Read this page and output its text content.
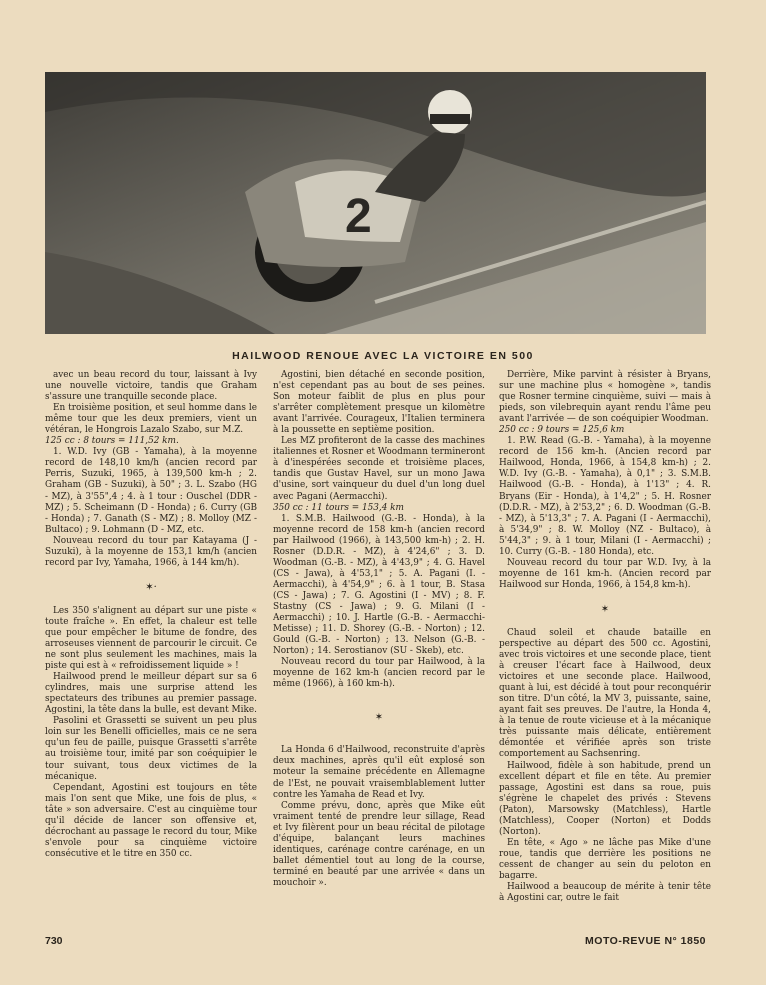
2
HAILWOOD RENOUE AVEC LA VICTOIRE EN 500

avec un beau record du tour, laissant à Ivy une nouvelle victoire, tandis que Graham s'assure une tranquille seconde place.

En troisième position, et seul homme dans le même tour que les deux premiers, vient un vétéran, le Hongrois Lazalo Szabo, sur M.Z.

125 cc : 8 tours = 111,52 km.

1. W.D. Ivy (GB - Yamaha), à la moyenne record de 148,10 km/h (ancien record par Perris, Suzuki, 1965, à 139,500 km-h ; 2. Graham (GB - Suzuki), à 50" ; 3. L. Szabo (HG - MZ), à 3'55",4 ; 4. à 1 tour : Ouschel (DDR - MZ) ; 5. Scheimann (D - Honda) ; 6. Curry (GB - Honda) ; 7. Ganath (S - MZ) ; 8. Molloy (MZ - Bultaco) ; 9. Lohmann (D - MZ, etc.

Nouveau record du tour par Katayama (J - Suzuki), à la moyenne de 153,1 km/h (ancien record par Ivy, Yamaha, 1966, à 144 km/h).

✶·

Les 350 s'alignent au départ sur une piste « toute fraîche ». En effet, la chaleur est telle que pour empêcher le bitume de fondre, des arroseuses viennent de parcourir le circuit. Ce ne sont plus seulement les machines, mais la piste qui est à « refroidissement liquide » !

Hailwood prend le meilleur départ sur sa 6 cylindres, mais une surprise attend les spectateurs des tribunes au premier passage. Agostini, la tête dans la bulle, est devant Mike.

Pasolini et Grassetti se suivent un peu plus loin sur les Benelli officielles, mais ce ne sera qu'un feu de paille, puisque Grassetti s'arrête au troisième tour, imité par son coéquipier le tour suivant, tous deux victimes de la mécanique.

Cependant, Agostini est toujours en tête mais l'on sent que Mike, une fois de plus, « tâte » son adversaire. C'est au cinquième tour qu'il décide de lancer son offensive et, décrochant au passage le record du tour, Mike s'envole pour sa cinquième victoire consécutive et le titre en 350 cc.

Agostini, bien détaché en seconde position, n'est cependant pas au bout de ses peines. Son moteur faiblit de plus en plus pour s'arrêter complètement presque un kilomètre avant l'arrivée. Courageux, l'Italien terminera à la poussette en septième position.

Les MZ profiteront de la casse des machines italiennes et Rosner et Woodmann termineront à d'inespérées seconde et troisième places, tandis que Gustav Havel, sur un mono Jawa d'usine, sort vainqueur du duel d'un long duel avec Pagani (Aermacchi).

350 cc : 11 tours = 153,4 km

1. S.M.B. Hailwood (G.-B. - Honda), à la moyenne record de 158 km-h (ancien record par Hailwood (1966), à 143,500 km-h) ; 2. H. Rosner (D.D.R. - MZ), à 4'24,6" ; 3. D. Woodman (G.-B. - MZ), à 4'43,9" ; 4. G. Havel (CS - Jawa), à 4'53,1" ; 5. A. Pagani (I. - Aermacchi), à 4'54,9" ; 6. à 1 tour, B. Stasa (CS - Jawa) ; 7. G. Agostini (I - MV) ; 8. F. Stastny (CS - Jawa) ; 9. G. Milani (I - Aermacchi) ; 10. J. Hartle (G.-B. - Aermacchi-Metisse) ; 11. D. Shorey (G.-B. - Norton) ; 12. Gould (G.-B. - Norton) ; 13. Nelson (G.-B. - Norton) ; 14. Serostianov (SU - Skeb), etc.

Nouveau record du tour par Hailwood, à la moyenne de 162 km-h (ancien record par le même (1966), à 160 km-h).

✶

La Honda 6 d'Hailwood, reconstruite d'après deux machines, après qu'il eût explosé son moteur la semaine précédente en Allemagne de l'Est, ne pouvait vraisemblablement lutter contre les Yamaha de Read et Ivy.

Comme prévu, donc, après que Mike eût vraiment tenté de prendre leur sillage, Read et Ivy filèrent pour un beau récital de pilotage d'équipe, balançant leurs machines identiques, carénage contre carénage, en un ballet démentiel tout au long de la course, terminé en beauté par une arrivée « dans un mouchoir ».

Derrière, Mike parvint à résister à Bryans, sur une machine plus « homogène », tandis que Rosner termine cinquième, suivi — mais à pieds, son vilebrequin ayant rendu l'âme peu avant l'arrivée — de son coéquipier Woodman.

250 cc : 9 tours = 125,6 km

1. P.W. Read (G.-B. - Yamaha), à la moyenne record de 156 km-h. (Ancien record par Hailwood, Honda, 1966, à 154,8 km-h) ; 2. W.D. Ivy (G.-B. - Yamaha), à 0,1" ; 3. S.M.B. Hailwood (G.-B. - Honda), à 1'13" ; 4. R. Bryans (Eir - Honda), à 1'4,2" ; 5. H. Rosner (D.D.R. - MZ), à 2'53,2" ; 6. D. Woodman (G.-B. - MZ), à 5'13,3" ; 7. A. Pagani (I - Aermacchi), à 5'34,9" ; 8. W. Molloy (NZ - Bultaco), à 5'44,3" ; 9. à 1 tour, Milani (I - Aermacchi) ; 10. Curry (G.-B. - 180 Honda), etc.

Nouveau record du tour par W.D. Ivy, à la moyenne de 161 km-h. (Ancien record par Hailwood sur Honda, 1966, à 154,8 km-h).

✶

Chaud soleil et chaude bataille en perspective au départ des 500 cc. Agostini, avec trois victoires et une seconde place, tient à creuser l'écart face à Hailwood, deux victoires et une seconde place. Hailwood, quant à lui, est décidé à tout pour reconquérir son titre. D'un côté, la MV 3, puissante, saine, ayant fait ses preuves. De l'autre, la Honda 4, à la tenue de route vicieuse et à la mécanique très puissante mais délicate, entièrement démontée et vérifiée après son triste comportement au Sachsenring.

Hailwood, fidèle à son habitude, prend un excellent départ et file en tête. Au premier passage, Agostini est dans sa roue, puis s'égrène le chapelet des privés : Stevens (Paton), Marsowsky (Matchless), Hartle (Matchless), Cooper (Norton) et Dodds (Norton).

En tête, « Ago » ne lâche pas Mike d'une roue, tandis que derrière les positions ne cessent de changer au sein du peloton en bagarre.

Hailwood a beaucoup de mérite à tenir tête à Agostini car, outre le fait

730	MOTO-REVUE N° 1850
